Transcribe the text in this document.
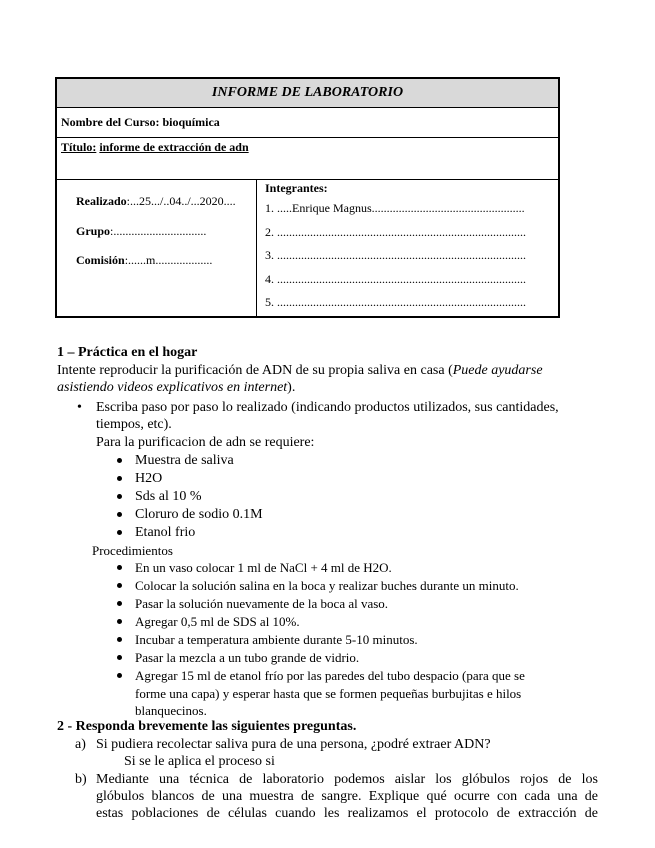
INFORME DE LABORATORIO
Nombre del Curso: bioquímica
Título: informe de extracción de adn
Realizado:...25.../..04../...2020....
Grupo:...............................
Comisión:......m...................
Integrantes:
1. .....Enrique Magnus...................................................
2. ...................................................................................
3. ...................................................................................
4. ...................................................................................
5. ...................................................................................
1 – Práctica en el hogar
Intente reproducir la purificación de ADN de su propia saliva en casa (Puede ayudarse
asistiendo videos explicativos en internet).
• Escriba paso por paso lo realizado (indicando productos utilizados, sus cantidades,
tiempos, etc).
Para la purificacion de adn se requiere:
Muestra de saliva
H2O
Sds al 10 %
Cloruro de sodio 0.1M
Etanol frio
Procedimientos
En un vaso colocar 1 ml de NaCl + 4 ml de H2O.
Colocar la solución salina en la boca y realizar buches durante un minuto.
Pasar la solución nuevamente de la boca al vaso.
Agregar 0,5 ml de SDS al 10%.
Incubar a temperatura ambiente durante 5-10 minutos.
Pasar la mezcla a un tubo grande de vidrio.
Agregar 15 ml de etanol frío por las paredes del tubo despacio (para que se
forme una capa) y esperar hasta que se formen pequeñas burbujitas e hilos
blanquecinos.
2 - Responda brevemente las siguientes preguntas.
a) Si pudiera recolectar saliva pura de una persona, ¿podré extraer ADN?
Si se le aplica el proceso si
b) Mediante una técnica de laboratorio podemos aislar los glóbulos rojos de los
glóbulos blancos de una muestra de sangre. Explique qué ocurre con cada una de
estas poblaciones de células cuando les realizamos el protocolo de extracción de
